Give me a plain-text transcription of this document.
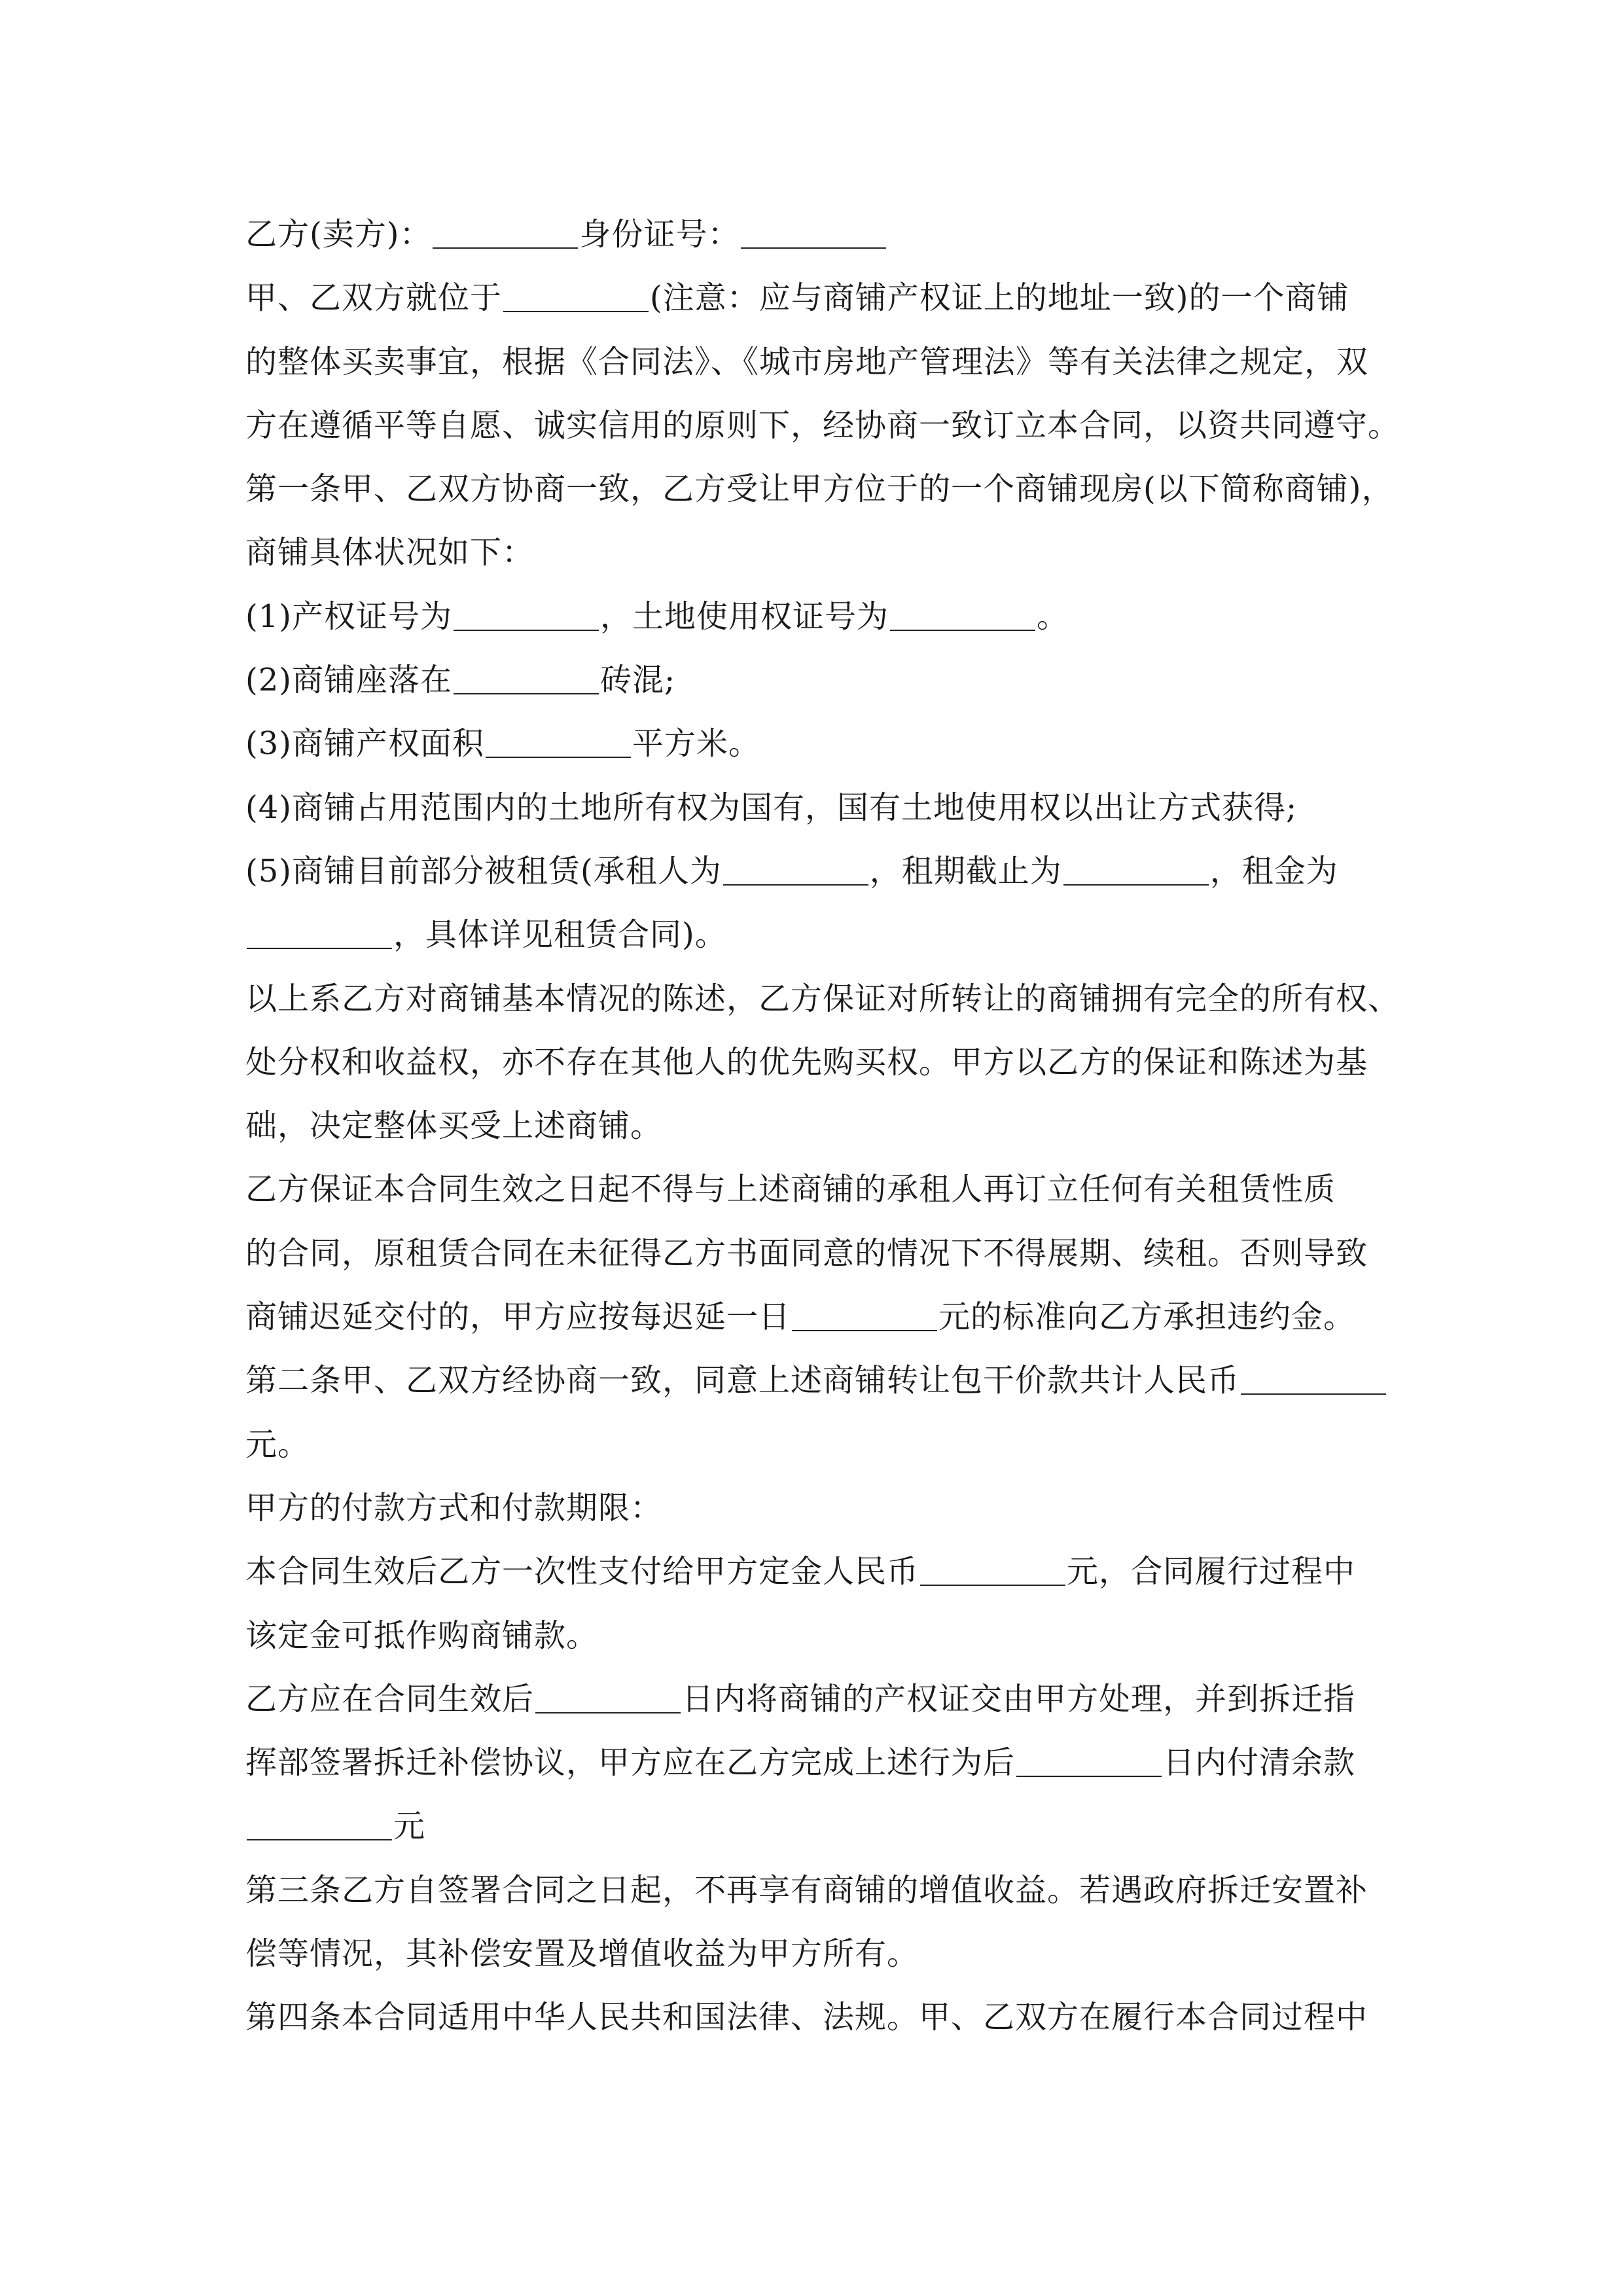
乙方(卖方)：	身份证号：
甲、乙双方就位于	(注意：应与商铺产权证上的地址一致)的一个商铺
的整体买卖事宜，根据《合同法》、《城市房地产管理法》等有关法律之规定，双
方在遵循平等自愿、诚实信用的原则下，经协商一致订立本合同，以资共同遵守。
第一条甲、乙双方协商一致，乙方受让甲方位于的一个商铺现房(以下简称商铺)，
商铺具体状况如下：
(1)产权证号为	，土地使用权证号为	。
(2)商铺座落在	砖混;
(3)商铺产权面积	平方米。
(4)商铺占用范围内的土地所有权为国有，国有土地使用权以出让方式获得;
(5)商铺目前部分被租赁(承租人为	，租期截止为	，租金为
，具体详见租赁合同)。
以上系乙方对商铺基本情况的陈述，乙方保证对所转让的商铺拥有完全的所有权、
处分权和收益权，亦不存在其他人的优先购买权。甲方以乙方的保证和陈述为基
础，决定整体买受上述商铺。
乙方保证本合同生效之日起不得与上述商铺的承租人再订立任何有关租赁性质
的合同，原租赁合同在未征得乙方书面同意的情况下不得展期、续租。否则导致
商铺迟延交付的，甲方应按每迟延一日	元的标准向乙方承担违约金。
第二条甲、乙双方经协商一致，同意上述商铺转让包干价款共计人民币
元。
甲方的付款方式和付款期限：
本合同生效后乙方一次性支付给甲方定金人民币	元，合同履行过程中
该定金可抵作购商铺款。
乙方应在合同生效后	日内将商铺的产权证交由甲方处理，并到拆迁指
挥部签署拆迁补偿协议，甲方应在乙方完成上述行为后	日内付清余款
元
第三条乙方自签署合同之日起，不再享有商铺的增值收益。若遇政府拆迁安置补
偿等情况，其补偿安置及增值收益为甲方所有。
第四条本合同适用中华人民共和国法律、法规。甲、乙双方在履行本合同过程中
